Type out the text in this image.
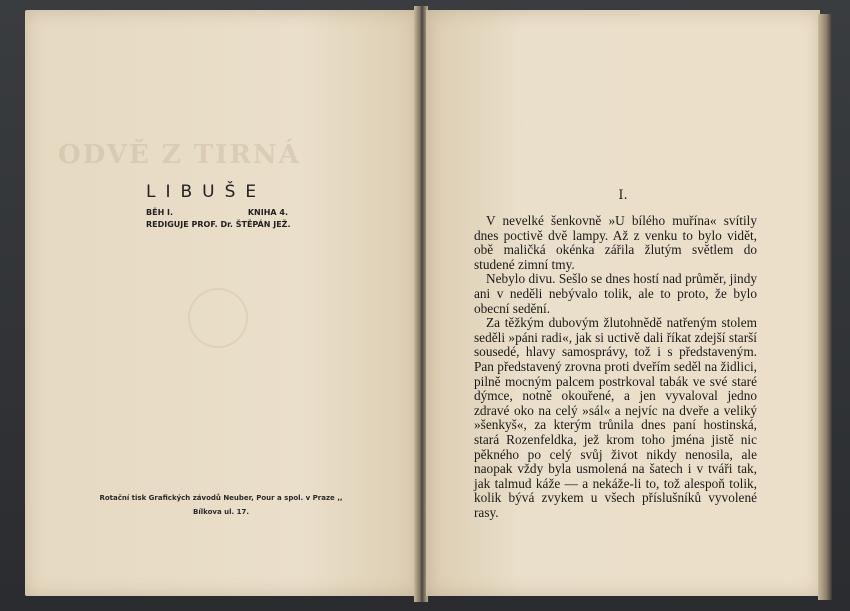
ODVĚ Z TIRNÁ
LIBUŠE
BĚH I.	KNIHA 4.
REDIGUJE PROF. Dr. ŠTĚPÁN JEŽ.
Rotační tisk Grafických závodů Neuber, Pour a spol. v Praze ,,
Bílkova ul. 17.
I.

V nevelké šenkovně »U bílého muřína« svítily dnes poctivě dvě lampy. Až z venku to bylo vidět, obě maličká okénka zářila žlutým světlem do studené zimní tmy.

Nebylo divu. Sešlo se dnes hostí nad průměr, jindy ani v neděli nebývalo tolik, ale to proto, že bylo obecní sedění.

Za těžkým dubovým žlutohnědě natřeným stolem seděli »páni radi«, jak si uctivě dali říkat zdejší starší sousedé, hlavy samosprávy, tož i s představeným. Pan představený zrovna proti dveřím seděl na židlici, pilně mocným palcem postrkoval tabák ve své staré dýmce, notně okouřené, a jen vyvaloval jedno zdravé oko na celý »sál« a nejvíc na dveře a veliký »šenkyš«, za kterým trůnila dnes paní hostinská, stará Rozenfeldka, jež krom toho jména jistě nic pěkného po celý svůj život nikdy nenosila, ale naopak vždy byla usmolená na šatech i v tváři tak, jak talmud káže — a nekáže-li to, tož alespoň tolik, kolik bývá zvykem u všech příslušníků vyvolené rasy.
